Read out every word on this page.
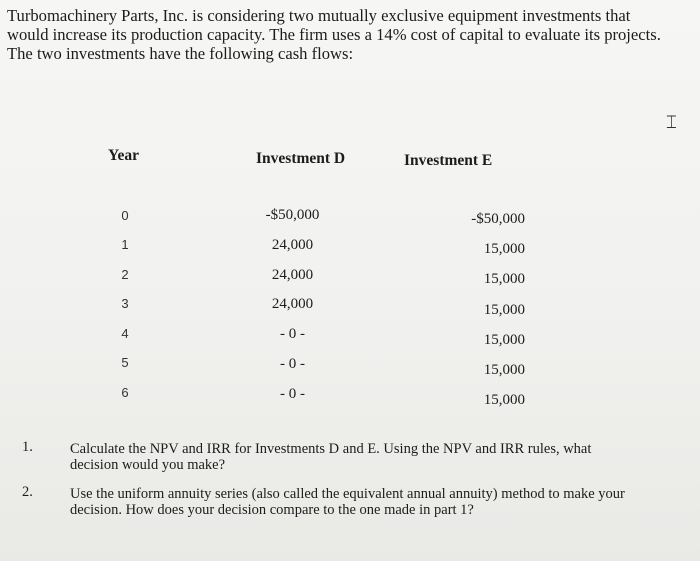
Turbomachinery Parts, Inc. is considering two mutually exclusive equipment investments that would increase its production capacity. The firm uses a 14% cost of capital to evaluate its projects. The two investments have the following cash flows:

⌶
Year	Investment D	Investment E
0	-$50,000	-$50,000
1	24,000	15,000
2	24,000	15,000
3	24,000	15,000
4	- 0 -	15,000
5	- 0 -	15,000
6	- 0 -	15,000
1.	Calculate the NPV and IRR for Investments D and E. Using the NPV and IRR rules, what decision would you make?
2.	Use the uniform annuity series (also called the equivalent annual annuity) method to make your decision. How does your decision compare to the one made in part 1?
